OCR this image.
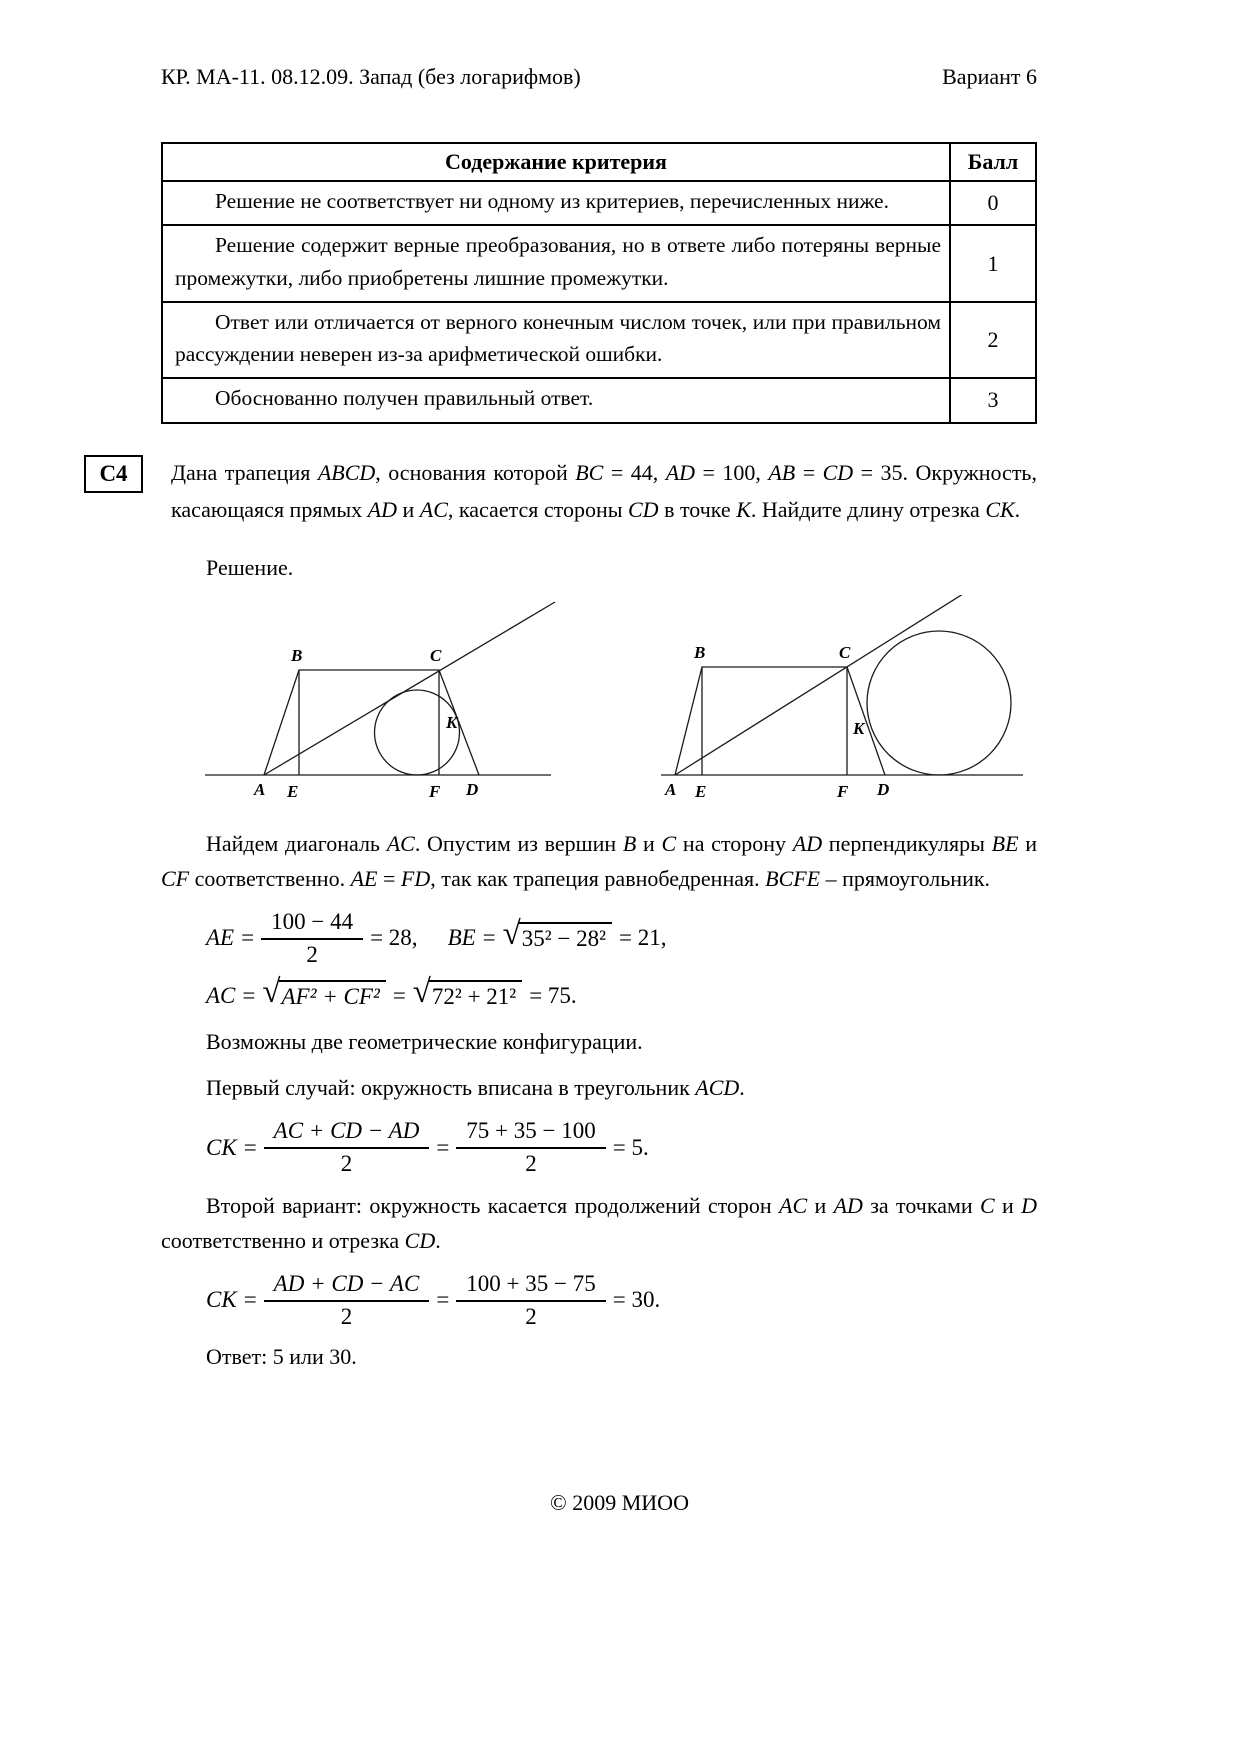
КР. МА-11. 08.12.09. Запад (без логарифмов)	Вариант 6
Содержание критерия	Балл
Решение не соответствует ни одному из критериев, перечисленных ниже.	0
Решение содержит верные преобразования, но в ответе либо потеряны верные промежутки, либо приобретены лишние промежутки.	1
Ответ или отличается от верного конечным числом точек, или при правильном рассуждении неверен из-за арифметической ошибки.	2
Обоснованно получен правильный ответ.	3
С4	Дана трапеция ABCD, основания которой BC = 44, AD = 100, AB = CD = 35. Окружность, касающаяся прямых AD и AC, касается стороны CD в точке K. Найдите длину отрезка CK.
Решение.
B	C
A E	F D
K
B	C
A E	F D
K
Найдем диагональ AC. Опустим из вершин B и C на сторону AD перпендикуляры BE и CF соответственно. AE = FD, так как трапеция равнобедренная. BCFE – прямоугольник.
AE = $\frac{100 - 44}{2} = 28$, BE = √ 35² − 28² = 21,
AC = √ AF² + CF² = √ 72² + 21² = 75.
Возможны две геометрические конфигурации.
Первый случай: окружность вписана в треугольник ACD.
CK = $\frac{AC + CD - AD}{2} = \frac{75 + 35 - 100}{2} = 5$.
Второй вариант: окружность касается продолжений сторон AC и AD за точками C и D соответственно и отрезка CD.
CK = $\frac{AD + CD - AC}{2} = \frac{100 + 35 - 75}{2} = 30$.
Ответ: 5 или 30.
© 2009 МИОО
